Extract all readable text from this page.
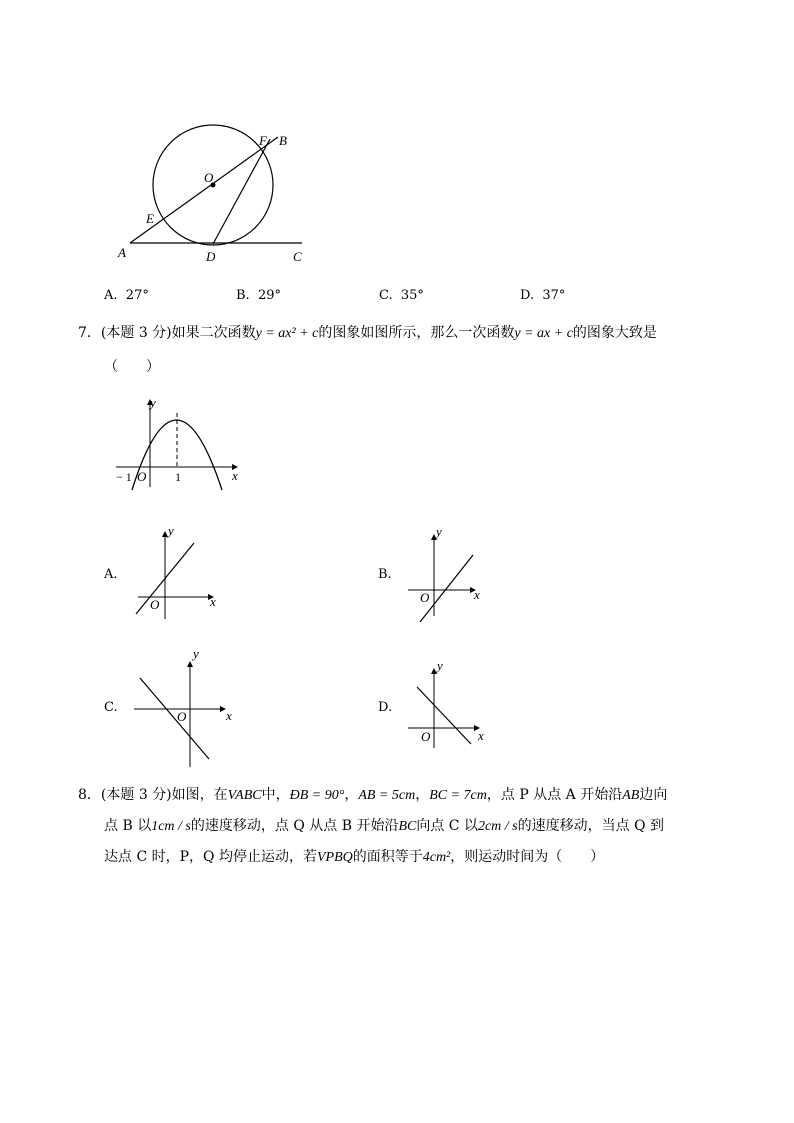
F B
O
E
A	D	C
A. 27°	B. 29°	C. 35°	D. 37°
7．(本题 3 分)如果二次函数y = ax² + c的图象如图所示，那么一次函数y = ax + c的图象大致是
（　　）
y
x
− 1 O 1
A.
y
x
O
B.
y
x
O
C.
y
x
O
D.
y
x
O
8．(本题 3 分)如图，在VABC中，ÐB = 90°，AB = 5cm，BC = 7cm，点 P 从点 A 开始沿AB边向
点 B 以1cm / s的速度移动，点 Q 从点 B 开始沿BC向点 C 以2cm / s的速度移动，当点 Q 到
达点 C 时，P，Q 均停止运动，若VPBQ的面积等于4cm²，则运动时间为（　　）
